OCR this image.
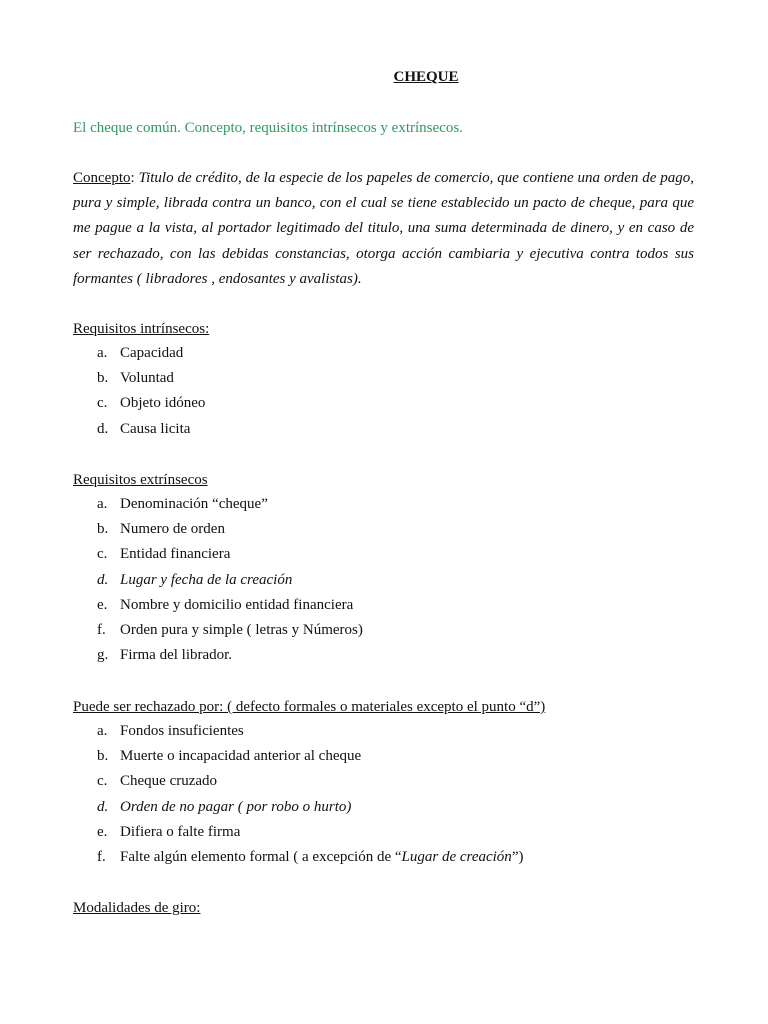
CHEQUE
El cheque común. Concepto, requisitos intrínsecos y extrínsecos.
Concepto: Titulo de crédito, de la especie de los papeles de comercio, que contiene una orden de pago, pura y simple, librada contra un banco, con el cual se tiene establecido un pacto de cheque, para que me pague a la vista, al portador legitimado del titulo, una suma determinada de dinero, y en caso de ser rechazado, con las debidas constancias, otorga acción cambiaria y ejecutiva contra todos sus formantes ( libradores , endosantes y avalistas).
Requisitos intrínsecos:
a. Capacidad
b. Voluntad
c. Objeto idóneo
d. Causa licita
Requisitos extrínsecos
a. Denominación “cheque”
b. Numero de orden
c. Entidad financiera
d. Lugar y fecha de la creación
e. Nombre y domicilio entidad financiera
f. Orden pura y simple ( letras y Números)
g. Firma del librador.
Puede ser rechazado por: ( defecto formales o materiales excepto el punto “d”)
a. Fondos insuficientes
b. Muerte o incapacidad anterior al cheque
c. Cheque cruzado
d. Orden de no pagar ( por robo o hurto)
e. Difiera o falte firma
f. Falte algún elemento formal ( a excepción de “Lugar de creación”)
Modalidades de giro:
